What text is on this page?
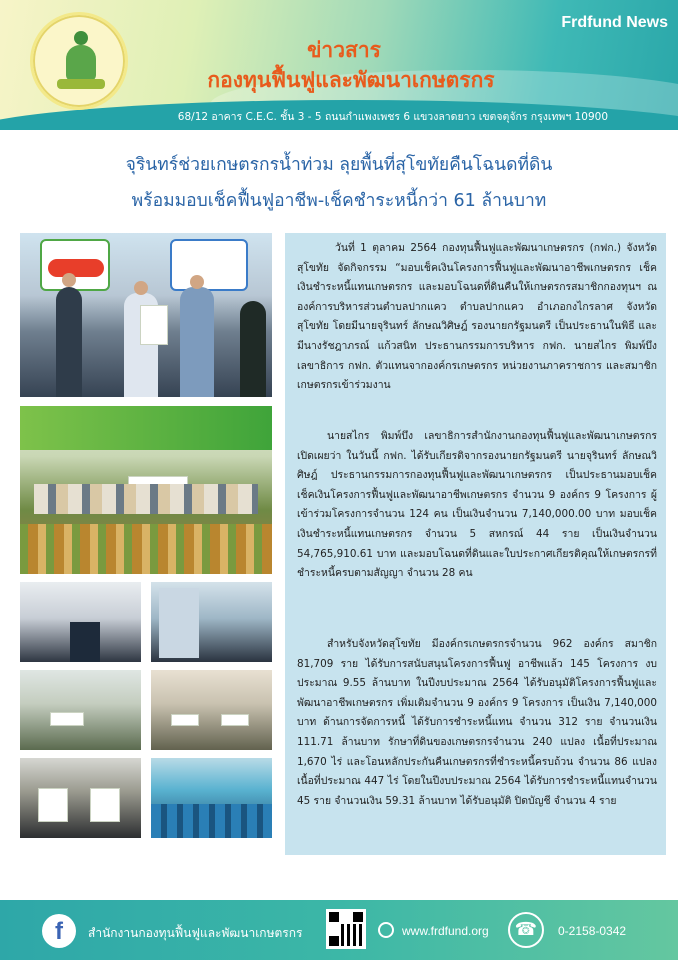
Frdfund News
ข่าวสาร
กองทุนฟื้นฟูและพัฒนาเกษตรกร
68/12 อาคาร C.E.C. ชั้น 3 - 5 ถนนกำแพงเพชร 6 แขวงลาดยาว เขตจตุจักร กรุงเทพฯ 10900
จุรินทร์ช่วยเกษตรกรน้ำท่วม ลุยพื้นที่สุโขทัยคืนโฉนดที่ดิน
พร้อมมอบเช็คฟื้นฟูอาชีพ-เช็คชำระหนี้กว่า 61 ล้านบาท

วันที่ 1 ตุลาคม 2564 กองทุนฟื้นฟูและพัฒนาเกษตรกร (กฟก.) จังหวัดสุโขทัย จัดกิจกรรม “มอบเช็คเงินโครงการฟื้นฟูและพัฒนาอาชีพเกษตรกร เช็คเงินชำระหนี้แทนเกษตรกร และมอบโฉนดที่ดินคืนให้เกษตรกรสมาชิกกองทุนฯ ณ องค์การบริหารส่วนตำบลปากแคว ตำบลปากแคว อำเภอกงไกรลาศ จังหวัดสุโขทัย โดยมีนายจุรินทร์ ลักษณวิศิษฎ์ รองนายกรัฐมนตรี เป็นประธานในพิธี และมีนางรัชฎาภรณ์ แก้วสนิท ประธานกรรมการบริหาร กฟก. นายสไกร พิมพ์บึง เลขาธิการ กฟก. ตัวแทนจากองค์กรเกษตรกร หน่วยงานภาคราชการ และสมาชิกเกษตรกรเข้าร่วมงาน

นายสไกร พิมพ์บึง เลขาธิการสำนักงานกองทุนฟื้นฟูและพัฒนาเกษตรกร เปิดเผยว่า ในวันนี้ กฟก. ได้รับเกียรติจากรองนายกรัฐมนตรี นายจุรินทร์ ลักษณวิศิษฎ์ ประธานกรรมการกองทุนฟื้นฟูและพัฒนาเกษตรกร เป็นประธานมอบเช็ค เช็คเงินโครงการฟื้นฟูและพัฒนาอาชีพเกษตรกร จำนวน 9 องค์กร 9 โครงการ ผู้เข้าร่วมโครงการจำนวน 124 คน เป็นเงินจำนวน 7,140,000.00 บาท มอบเช็คเงินชำระหนี้แทนเกษตรกร จำนวน 5 สหกรณ์ 44 ราย เป็นเงินจำนวน 54,765,910.61 บาท และมอบโฉนดที่ดินและใบประกาศเกียรติคุณให้เกษตรกรที่ชำระหนี้ครบตามสัญญา จำนวน 28 คน

สำหรับจังหวัดสุโขทัย มีองค์กรเกษตรกรจำนวน 962 องค์กร สมาชิก 81,709 ราย ได้รับการสนับสนุนโครงการฟื้นฟู อาชีพแล้ว 145 โครงการ งบประมาณ 9.55 ล้านบาท ในปีงบประมาณ 2564 ได้รับอนุมัติโครงการฟื้นฟูและพัฒนาอาชีพเกษตรกร เพิ่มเติมจำนวน 9 องค์กร 9 โครงการ เป็นเงิน 7,140,000 บาท ด้านการจัดการหนี้ ได้รับการชำระหนี้แทน จำนวน 312 ราย จำนวนเงิน 111.71 ล้านบาท รักษาที่ดินของเกษตรกรจำนวน 240 แปลง เนื้อที่ประมาณ 1,670 ไร่ และโอนหลักประกันคืนเกษตรกรที่ชำระหนี้ครบถ้วน จำนวน 86 แปลง เนื้อที่ประมาณ 447 ไร่ โดยในปีงบประมาณ 2564 ได้รับการชำระหนี้แทนจำนวน 45 ราย จำนวนเงิน 59.31 ล้านบาท ได้รับอนุมัติ ปิดบัญชี จำนวน 4 ราย

f	สำนักงานกองทุนฟื้นฟูและพัฒนาเกษตรกร	www.frdfund.org	☎	0-2158-0342
